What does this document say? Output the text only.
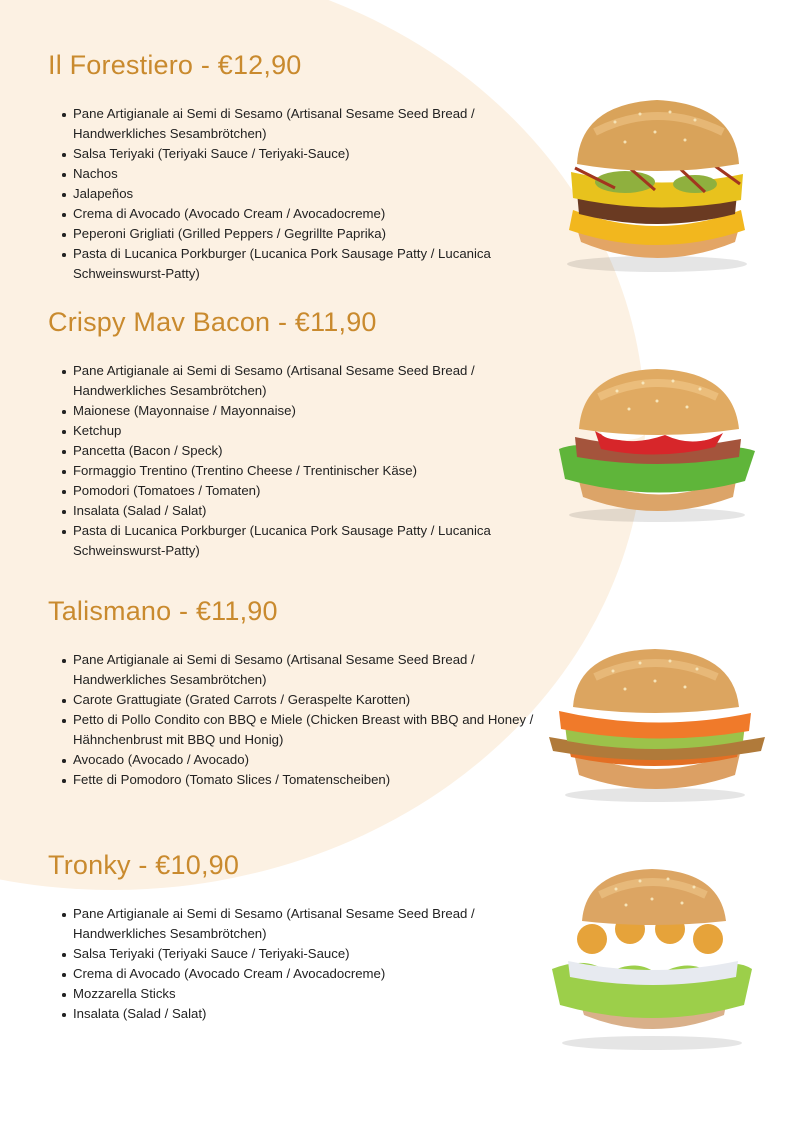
Il Forestiero - €12,90
Pane Artigianale ai Semi di Sesamo (Artisanal Sesame Seed Bread / Handwerkliches Sesambrötchen)
Salsa Teriyaki (Teriyaki Sauce / Teriyaki-Sauce)
Nachos
Jalapeños
Crema di Avocado (Avocado Cream / Avocadocreme)
Peperoni Grigliati (Grilled Peppers / Gegrillte Paprika)
Pasta di Lucanica Porkburger (Lucanica Pork Sausage Patty / Lucanica Schweinswurst-Patty)
Crispy Mav Bacon - €11,90
Pane Artigianale ai Semi di Sesamo (Artisanal Sesame Seed Bread / Handwerkliches Sesambrötchen)
Maionese (Mayonnaise / Mayonnaise)
Ketchup
Pancetta (Bacon / Speck)
Formaggio Trentino (Trentino Cheese / Trentinischer Käse)
Pomodori (Tomatoes / Tomaten)
Insalata (Salad / Salat)
Pasta di Lucanica Porkburger (Lucanica Pork Sausage Patty / Lucanica Schweinswurst-Patty)
Talismano - €11,90
Pane Artigianale ai Semi di Sesamo (Artisanal Sesame Seed Bread / Handwerkliches Sesambrötchen)
Carote Grattugiate (Grated Carrots / Geraspelte Karotten)
Petto di Pollo Condito con BBQ e Miele (Chicken Breast with BBQ and Honey / Hähnchenbrust mit BBQ und Honig)
Avocado (Avocado / Avocado)
Fette di Pomodoro (Tomato Slices / Tomatenscheiben)
Tronky - €10,90
Pane Artigianale ai Semi di Sesamo (Artisanal Sesame Seed Bread / Handwerkliches Sesambrötchen)
Salsa Teriyaki (Teriyaki Sauce / Teriyaki-Sauce)
Crema di Avocado (Avocado Cream / Avocadocreme)
Mozzarella Sticks
Insalata (Salad / Salat)
